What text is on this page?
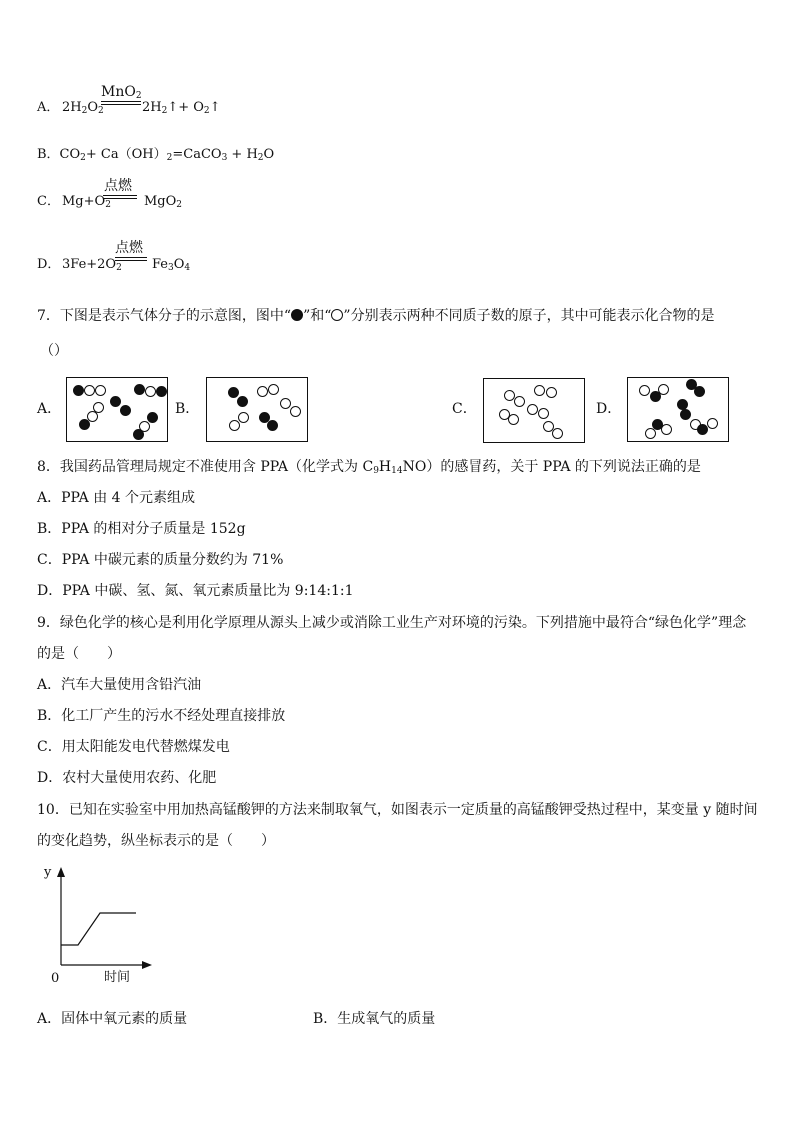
A． $2H_2O_2$
MnO$_2$
$2H_2↑+$ $O_2↑$
B．$CO_2+$ $Ca(OH)_2=CaCO_3 + H_2O$
C． $Mg+O_2$
点燃
MgO$_2$
D． $3Fe+2O_2$
点燃
$Fe_3O_4$
7．下图是表示气体分子的示意图，图中“ ”和“ ”分别表示两种不同质子数的原子，其中可能表示化合物的是
（）
A．	B．	C．	D．
8．我国药品管理局规定不准使用含 PPA（化学式为 $C_9H_{14}NO$）的感冒药，关于 PPA 的下列说法正确的是
A．PPA 由 4 个元素组成
B．PPA 的相对分子质量是 152g
C．PPA 中碳元素的质量分数约为 71%
D．PPA 中碳、氢、氮、氧元素质量比为 9:14:1:1
9．绿色化学的核心是利用化学原理从源头上减少或消除工业生产对环境的污染。下列措施中最符合“绿色化学”理念
的是（　　）
A．汽车大量使用含铅汽油
B．化工厂产生的污水不经处理直接排放
C．用太阳能发电代替燃煤发电
D．农村大量使用农药、化肥
10．已知在实验室中用加热高锰酸钾的方法来制取氧气，如图表示一定质量的高锰酸钾受热过程中，某变量 y 随时间
的变化趋势，纵坐标表示的是（　　）
y
0	时间
A．固体中氧元素的质量	B．生成氧气的质量
